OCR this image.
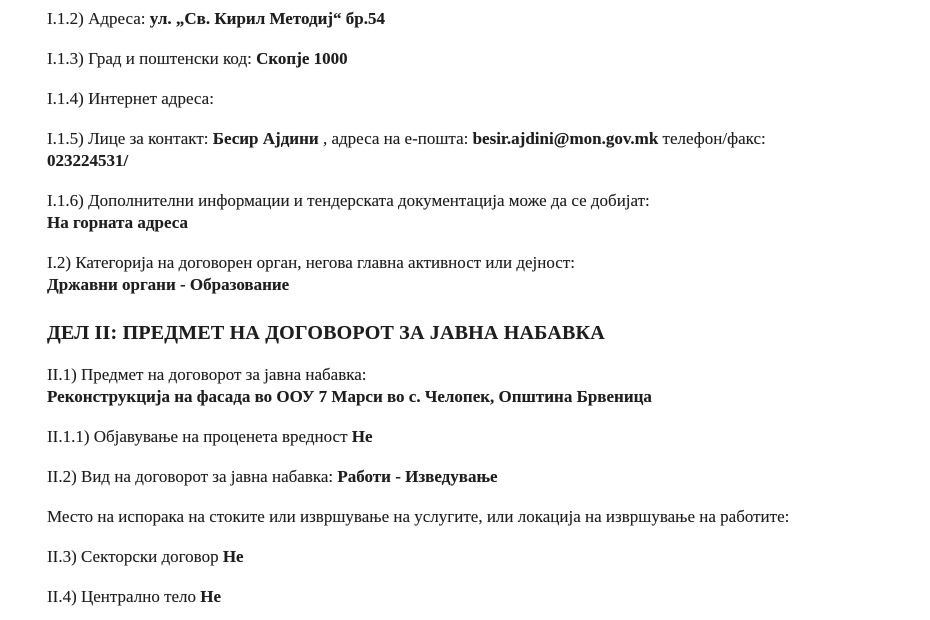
I.1.2) Адреса: ул. „Св. Кирил Методиј“ бр.54

I.1.3) Град и поштенски код: Скопје 1000

I.1.4) Интернет адреса:

I.1.5) Лице за контакт: Бесир Ајдини , адреса на е-пошта: besir.ajdini@mon.gov.mk телефон/факс:
023224531/

I.1.6) Дополнителни информации и тендерската документација може да се добијат:
На горната адреса

I.2) Категорија на договорен орган, негова главна активност или дејност:
Државни органи - Образование

ДЕЛ II: ПРЕДМЕТ НА ДОГОВОРОТ ЗА ЈАВНА НАБАВКА

II.1) Предмет на договорот за јавна набавка:
Реконструкција на фасада во ООУ 7 Марси во с. Челопек, Општина Брвеница

II.1.1) Објавување на проценета вредност Не

II.2) Вид на договорот за јавна набавка: Работи - Изведување

Место на испорака на стоките или извршување на услугите, или локација на извршување на работите:

II.3) Секторски договор Не

II.4) Централно тело Не
